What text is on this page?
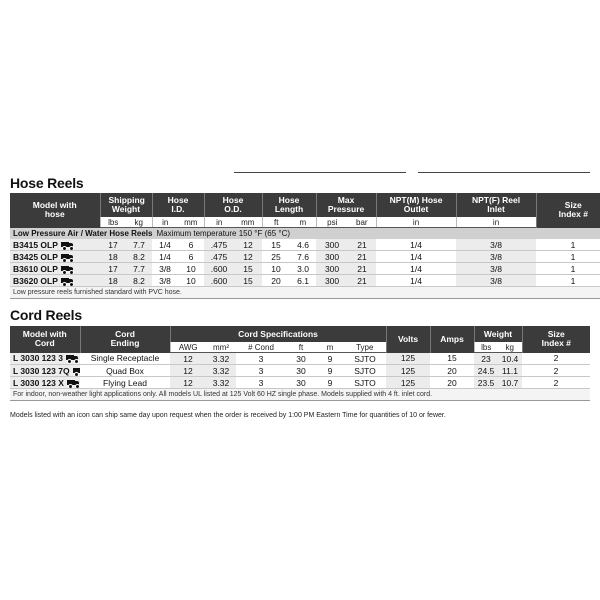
Hose Reels
Model with hose	Shipping Weight		Hose I.D.		Hose O.D.		Hose Length		Max Pressure		NPT(M) Hose Outlet	NPT(F) Reel Inlet	Size Index #
	lbs	kg	in	mm	in	mm	ft	m	psi	bar	in	in	
Low Pressure Air / Water Hose Reels Maximum temperature 150 °F (65 °C)													
B3415 OLP	17	7.7	1/4	6	.475	12	15	4.6	300	21	1/4	3/8	1
B3425 OLP	18	8.2	1/4	6	.475	12	25	7.6	300	21	1/4	3/8	1
B3610 OLP	17	7.7	3/8	10	.600	15	10	3.0	300	21	1/4	3/8	1
B3620 OLP	18	8.2	3/8	10	.600	15	20	6.1	300	21	1/4	3/8	1
Low pressure reels furnished standard with PVC hose.													
Cord Reels
Model with Cord	Cord Ending	Cord Specifications						Volts	Amps	Weight		Size Index #
		AWG	mm²	# Cond	ft	m	Type			lbs	kg	
L 3030 123 3	Single Receptacle	12	3.32	3	30	9	SJTO	125	15	23	10.4	2
L 3030 123 7Q	Quad Box	12	3.32	3	30	9	SJTO	125	20	24.5	11.1	2
L 3030 123 X	Flying Lead	12	3.32	3	30	9	SJTO	125	20	23.5	10.7	2
For indoor, non-weather light applications only. All models UL listed at 125 Volt 60 HZ single phase. Models supplied with 4 ft. inlet cord.												
Models listed with an icon can ship same day upon request when the order is received by 1:00 PM Eastern Time for quantities of 10 or fewer.
